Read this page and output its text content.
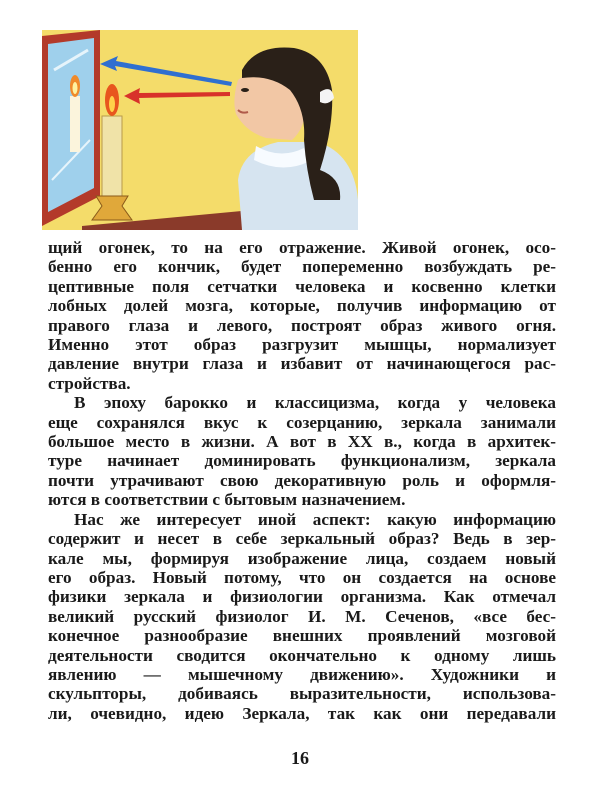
щий огонек, то на его отражение. Живой огонек, осо-
бенно его кончик, будет попеременно возбуждать ре-
цептивные поля сетчатки человека и косвенно клетки
лобных долей мозга, которые, получив информацию от
правого глаза и левого, построят образ живого огня.
Именно этот образ разгрузит мышцы, нормализует
давление внутри глаза и избавит от начинающегося рас-
стройства.
В эпоху барокко и классицизма, когда у человека
еще сохранялся вкус к созерцанию, зеркала занимали
большое место в жизни. А вот в XX в., когда в архитек-
туре начинает доминировать функционализм, зеркала
почти утрачивают свою декоративную роль и оформля-
ются в соответствии с бытовым назначением.
Нас же интересует иной аспект: какую информацию
содержит и несет в себе зеркальный образ? Ведь в зер-
кале мы, формируя изображение лица, создаем новый
его образ. Новый потому, что он создается на основе
физики зеркала и физиологии организма. Как отмечал
великий русский физиолог И. М. Сеченов, «все бес-
конечное разнообразие внешних проявлений мозговой
деятельности сводится окончательно к одному лишь
явлению — мышечному движению». Художники и
скульпторы, добиваясь выразительности, использова-
ли, очевидно, идею Зеркала, так как они передавали
16
